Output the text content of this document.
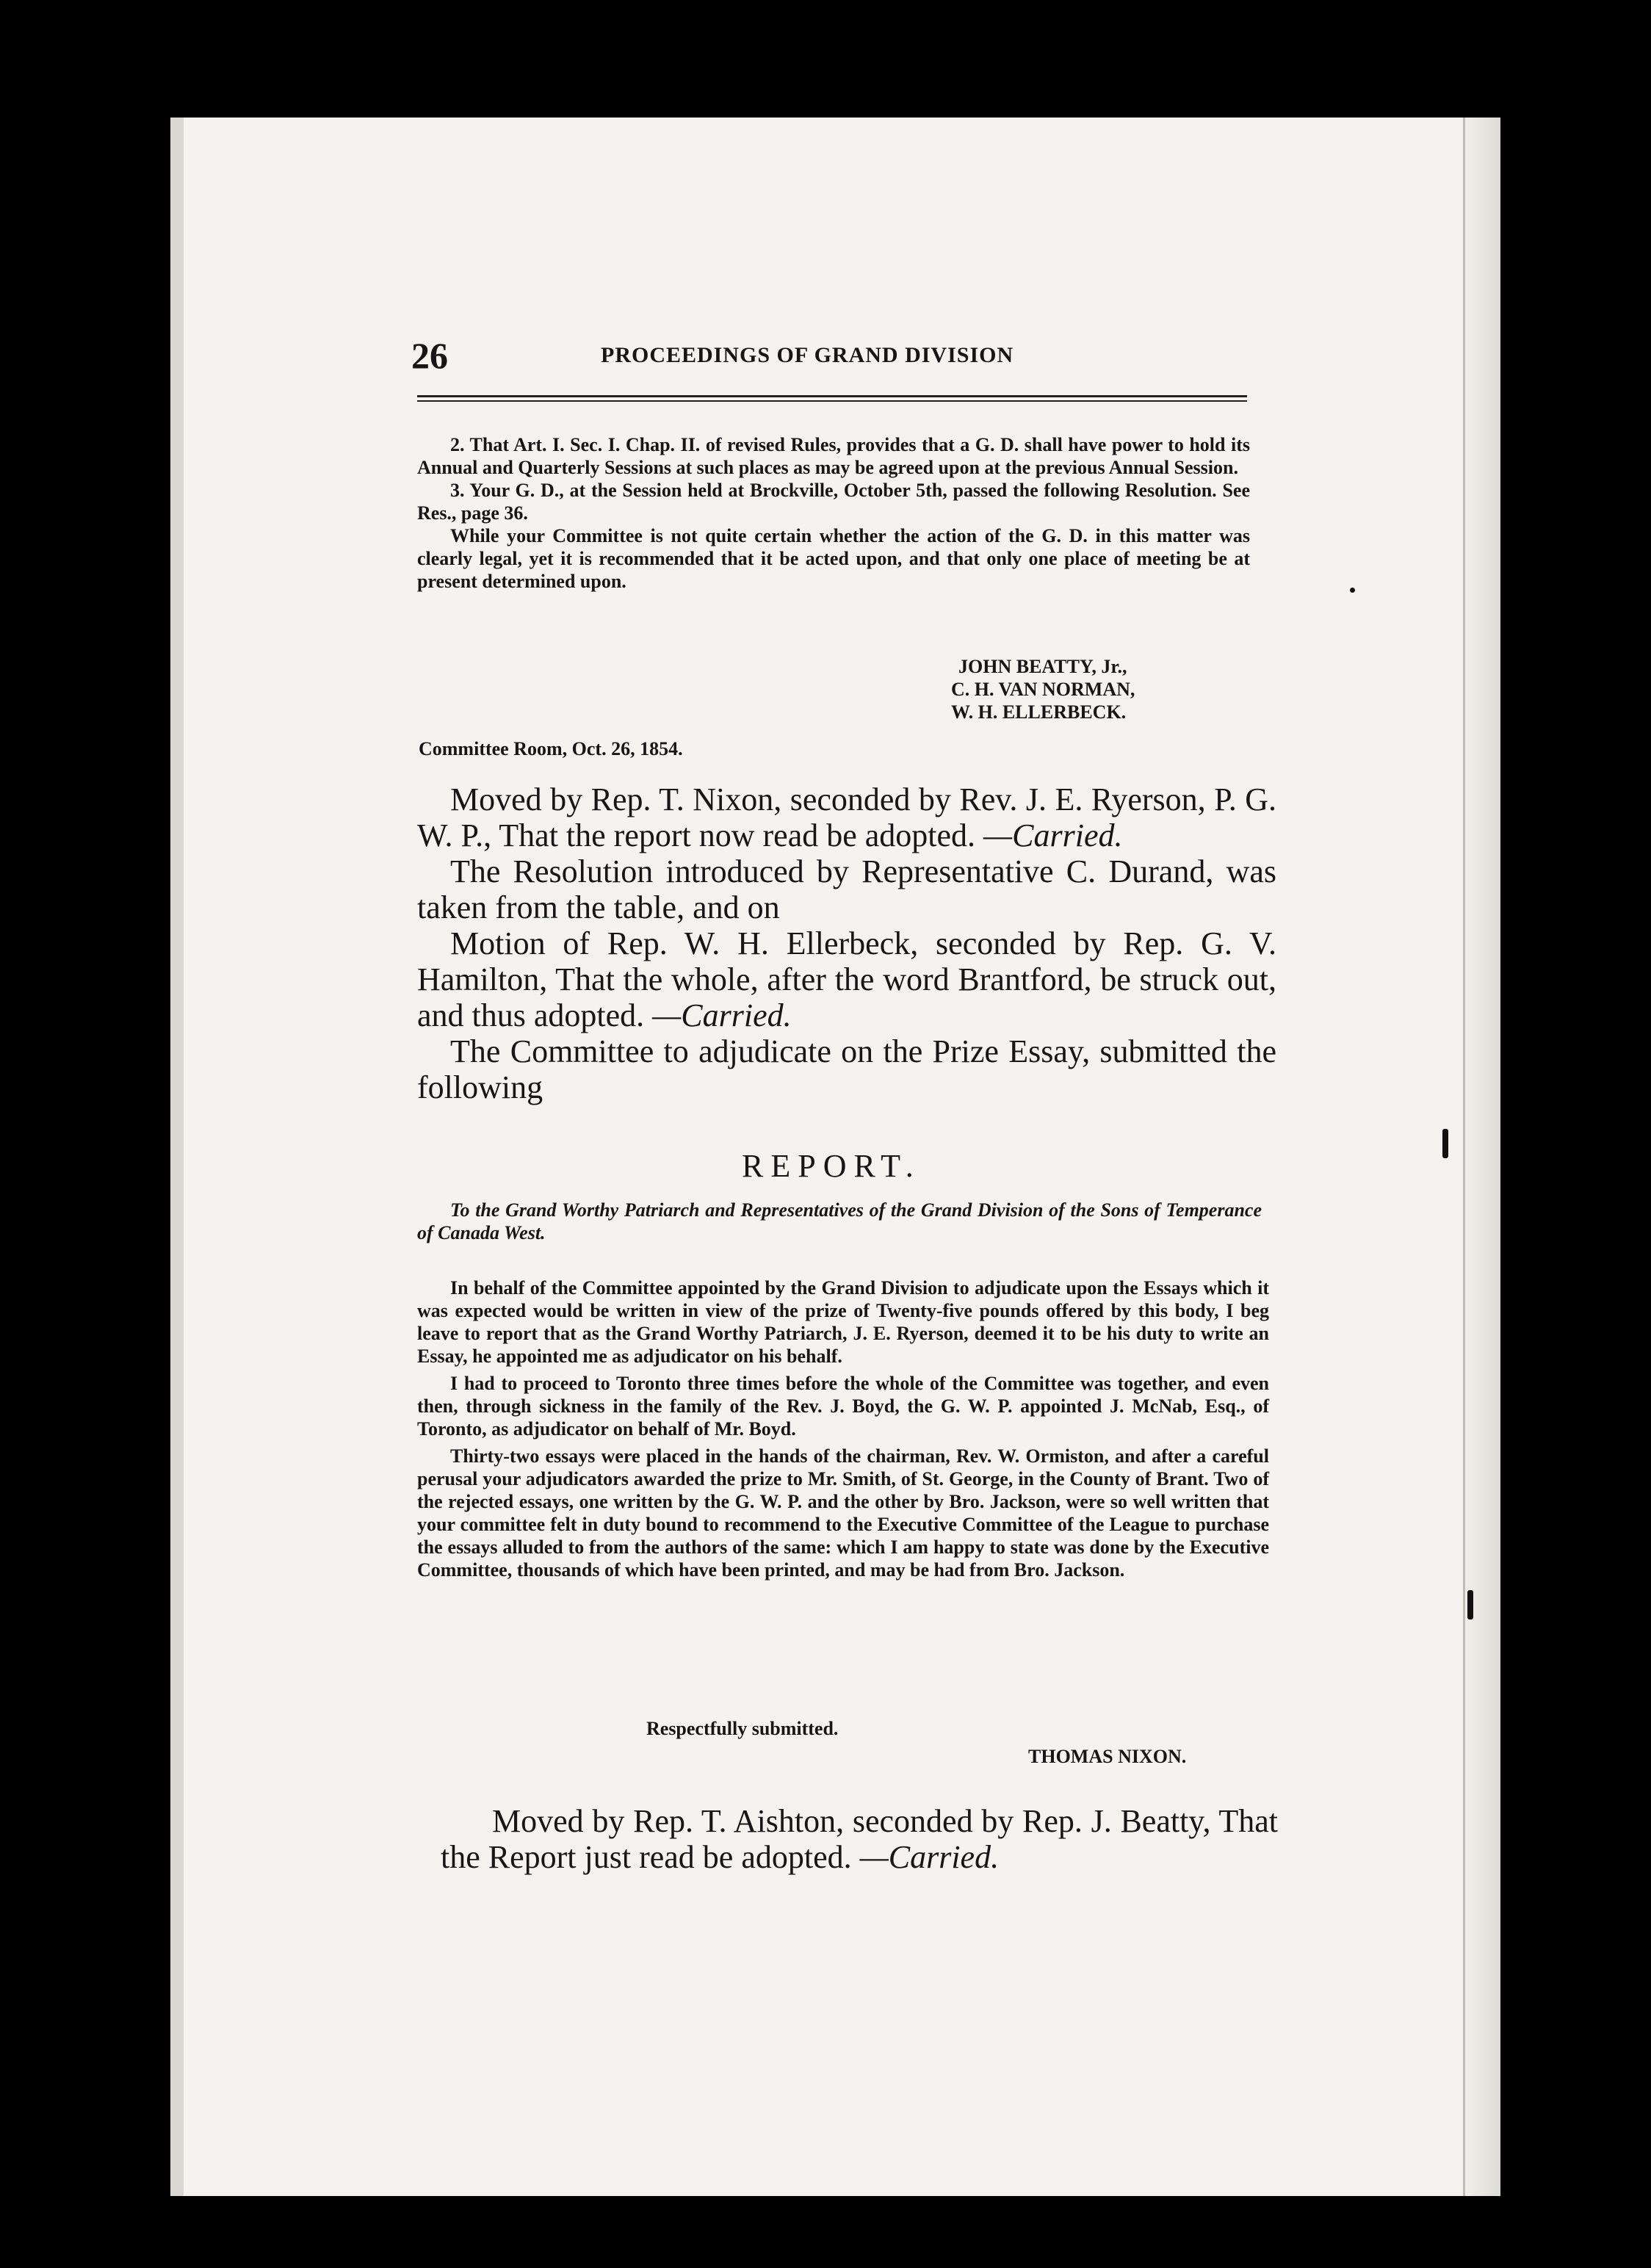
26	PROCEEDINGS OF GRAND DIVISION

2. That Art. I. Sec. I. Chap. II. of revised Rules, provides that a G. D. shall have power to hold its Annual and Quarterly Sessions at such places as may be agreed upon at the previous Annual Session.

3. Your G. D., at the Session held at Brockville, October 5th, passed the following Resolution. See Res., page 36.

While your Committee is not quite certain whether the action of the G. D. in this matter was clearly legal, yet it is recommended that it be acted upon, and that only one place of meeting be at present determined upon.

JOHN BEATTY, Jr.,

C. H. VAN NORMAN,

W. H. ELLERBECK.

Committee Room, Oct. 26, 1854.

Moved by Rep. T. Nixon, seconded by Rev. J. E. Ryerson, P. G. W. P., That the report now read be adopted. —Carried.

The Resolution introduced by Representative C. Durand, was taken from the table, and on

Motion of Rep. W. H. Ellerbeck, seconded by Rep. G. V. Hamilton, That the whole, after the word Brantford, be struck out, and thus adopted. —Carried.

The Committee to adjudicate on the Prize Essay, submitted the following

REPORT.

To the Grand Worthy Patriarch and Representatives of the Grand Division of the Sons of Temperance of Canada West.

In behalf of the Committee appointed by the Grand Division to adjudicate upon the Essays which it was expected would be written in view of the prize of Twenty-five pounds offered by this body, I beg leave to report that as the Grand Worthy Patriarch, J. E. Ryerson, deemed it to be his duty to write an Essay, he appointed me as adjudicator on his behalf.

I had to proceed to Toronto three times before the whole of the Committee was together, and even then, through sickness in the family of the Rev. J. Boyd, the G. W. P. appointed J. McNab, Esq., of Toronto, as adjudicator on behalf of Mr. Boyd.

Thirty-two essays were placed in the hands of the chairman, Rev. W. Ormiston, and after a careful perusal your adjudicators awarded the prize to Mr. Smith, of St. George, in the County of Brant. Two of the rejected essays, one written by the G. W. P. and the other by Bro. Jackson, were so well written that your committee felt in duty bound to recommend to the Executive Committee of the League to purchase the essays alluded to from the authors of the same: which I am happy to state was done by the Executive Committee, thousands of which have been printed, and may be had from Bro. Jackson.

Respectfully submitted.
THOMAS NIXON.

Moved by Rep. T. Aishton, seconded by Rep. J. Beatty, That the Report just read be adopted. —Carried.
